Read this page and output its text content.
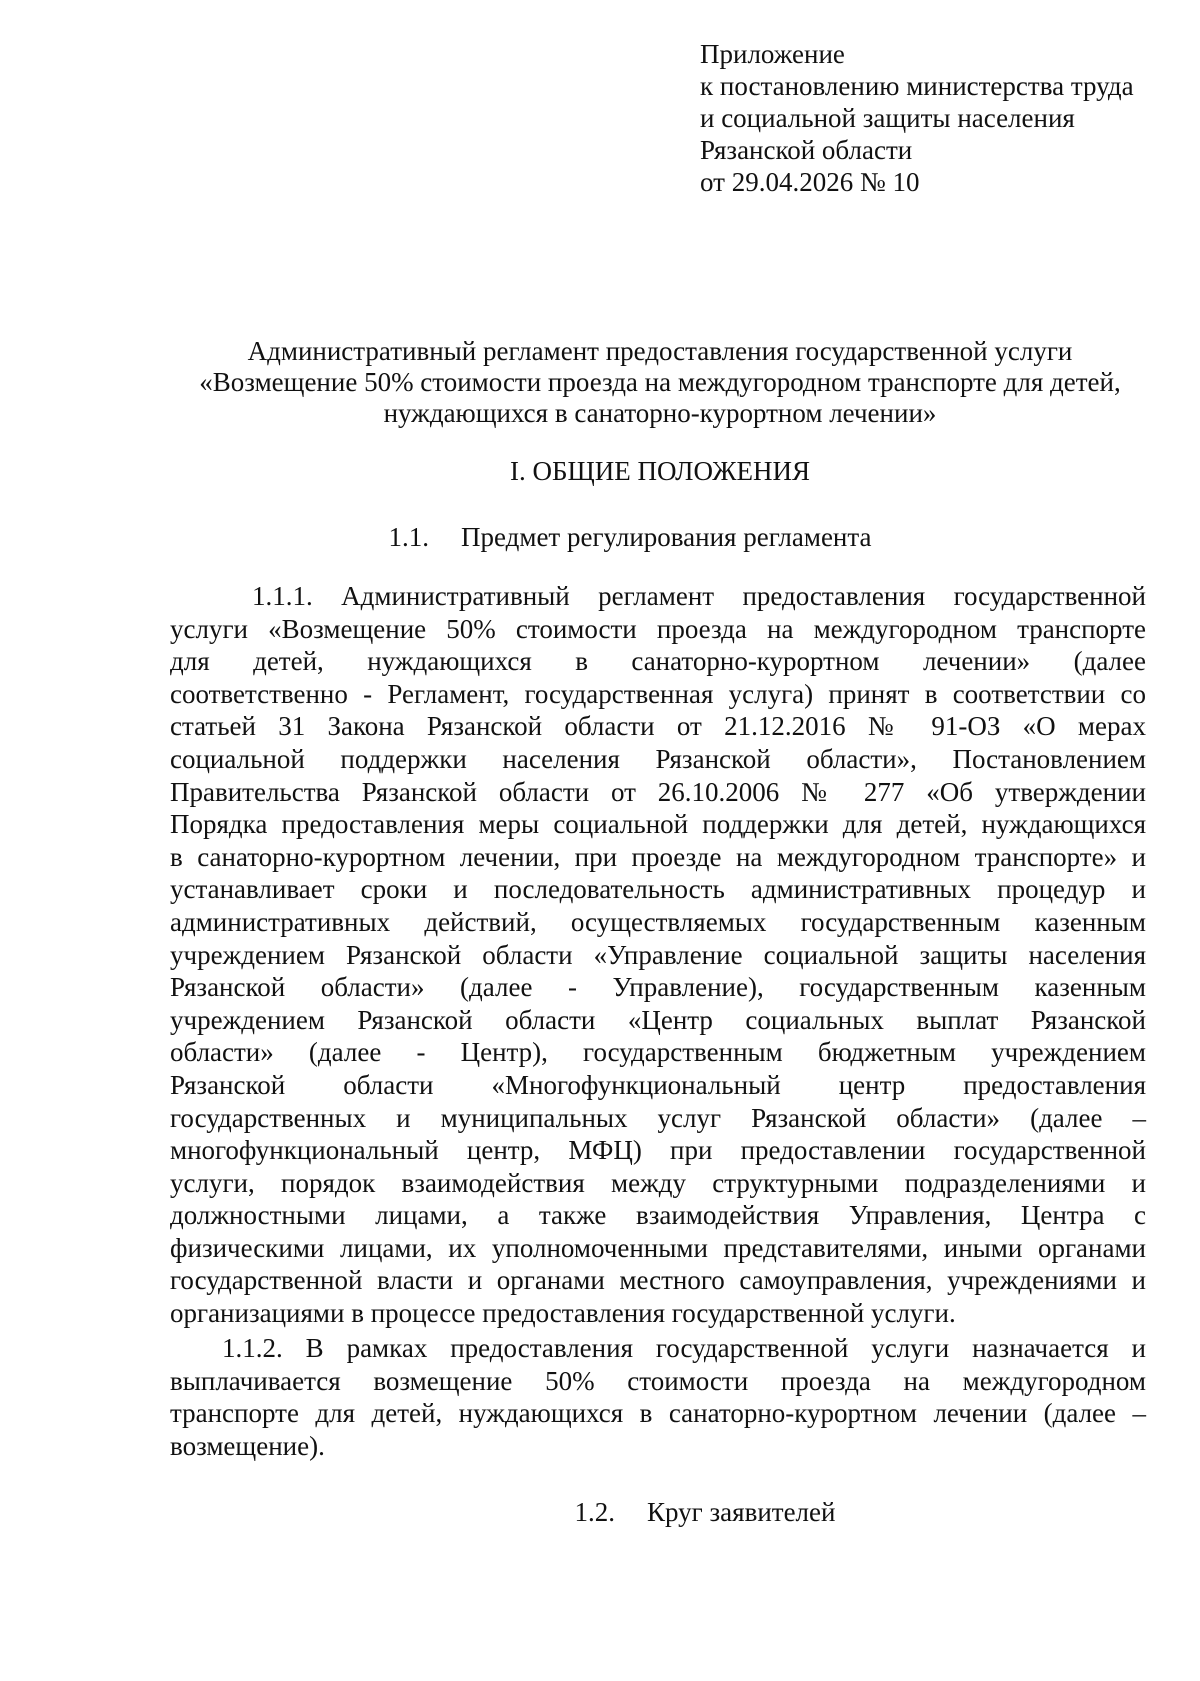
Приложение
к постановлению министерства труда
и социальной защиты населения
Рязанской области
от 29.04.2026 № 10
Административный регламент предоставления государственной услуги
«Возмещение 50% стоимости проезда на междугородном транспорте для детей,
нуждающихся в санаторно-курортном лечении»
I. ОБЩИЕ ПОЛОЖЕНИЯ
1.1. Предмет регулирования регламента
1.1.1. Административный регламент предоставления государственной
услуги «Возмещение 50% стоимости проезда на междугородном транспорте
для детей, нуждающихся в санаторно-курортном лечении» (далее
соответственно - Регламент, государственная услуга) принят в соответствии со
статьей 31 Закона Рязанской области от 21.12.2016 № 91-ОЗ «О мерах
социальной поддержки населения Рязанской области», Постановлением
Правительства Рязанской области от 26.10.2006 № 277 «Об утверждении
Порядка предоставления меры социальной поддержки для детей, нуждающихся
в санаторно-курортном лечении, при проезде на междугородном транспорте» и
устанавливает сроки и последовательность административных процедур и
административных действий, осуществляемых государственным казенным
учреждением Рязанской области «Управление социальной защиты населения
Рязанской области» (далее - Управление), государственным казенным
учреждением Рязанской области «Центр социальных выплат Рязанской
области» (далее - Центр), государственным бюджетным учреждением
Рязанской области «Многофункциональный центр предоставления
государственных и муниципальных услуг Рязанской области» (далее –
многофункциональный центр, МФЦ) при предоставлении государственной
услуги, порядок взаимодействия между структурными подразделениями и
должностными лицами, а также взаимодействия Управления, Центра с
физическими лицами, их уполномоченными представителями, иными органами
государственной власти и органами местного самоуправления, учреждениями и
организациями в процессе предоставления государственной услуги.
1.1.2. В рамках предоставления государственной услуги назначается и
выплачивается возмещение 50% стоимости проезда на междугородном
транспорте для детей, нуждающихся в санаторно-курортном лечении (далее –
возмещение).
1.2. Круг заявителей
